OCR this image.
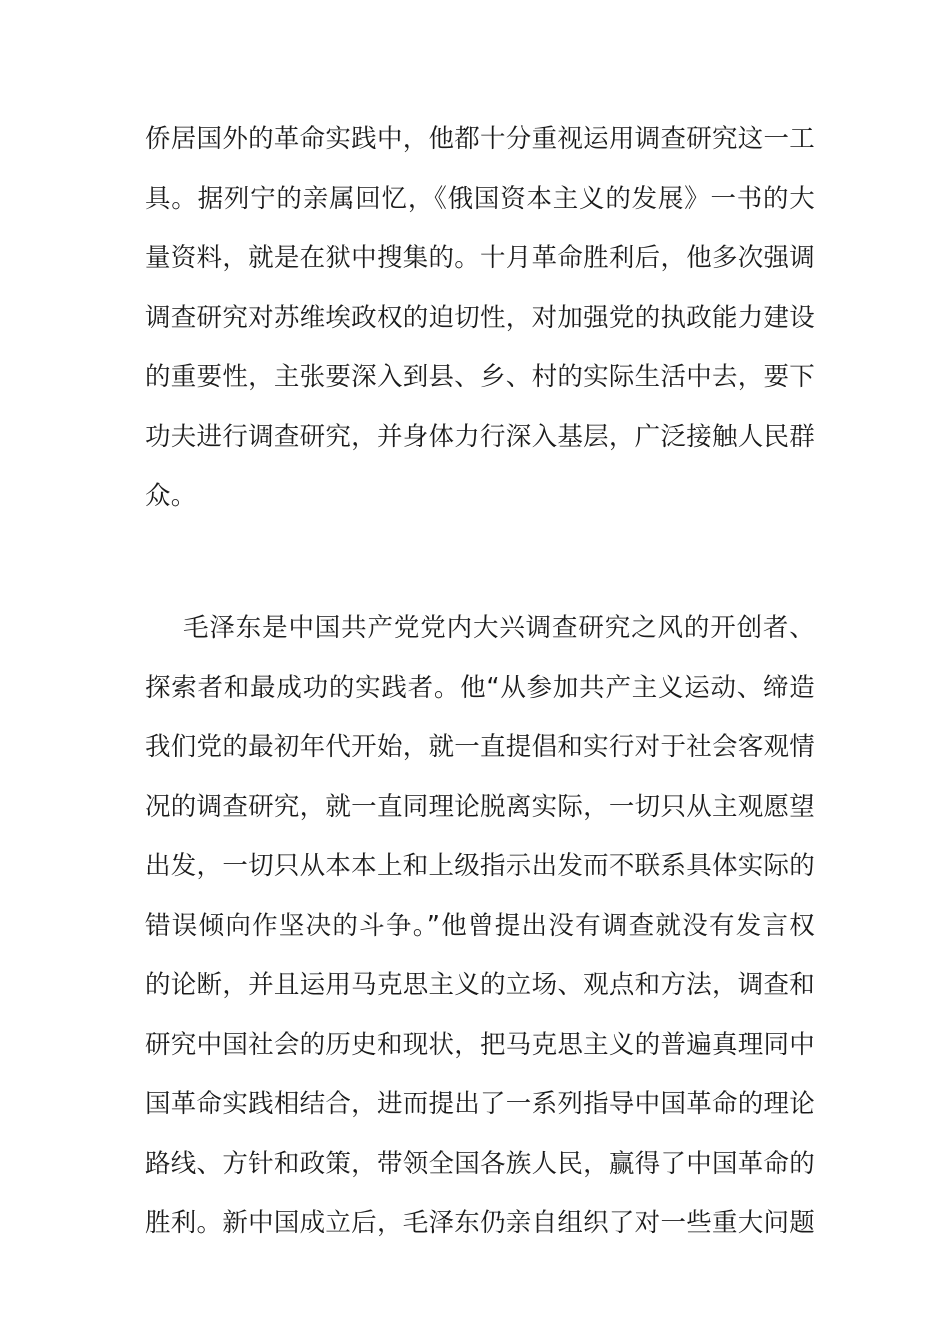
侨居国外的革命实践中，他都十分重视运用调查研究这一工
具。据列宁的亲属回忆，《俄国资本主义的发展》一书的大
量资料，就是在狱中搜集的。十月革命胜利后，他多次强调
调查研究对苏维埃政权的迫切性，对加强党的执政能力建设
的重要性，主张要深入到县、乡、村的实际生活中去，要下
功夫进行调查研究，并身体力行深入基层，广泛接触人民群
众。
毛泽东是中国共产党党内大兴调查研究之风的开创者、
探索者和最成功的实践者。他“从参加共产主义运动、缔造
我们党的最初年代开始，就一直提倡和实行对于社会客观情
况的调查研究，就一直同理论脱离实际，一切只从主观愿望
出发，一切只从本本上和上级指示出发而不联系具体实际的
错误倾向作坚决的斗争。”他曾提出没有调查就没有发言权
的论断，并且运用马克思主义的立场、观点和方法，调查和
研究中国社会的历史和现状，把马克思主义的普遍真理同中
国革命实践相结合，进而提出了一系列指导中国革命的理论
路线、方针和政策，带领全国各族人民，赢得了中国革命的
胜利。新中国成立后，毛泽东仍亲自组织了对一些重大问题
